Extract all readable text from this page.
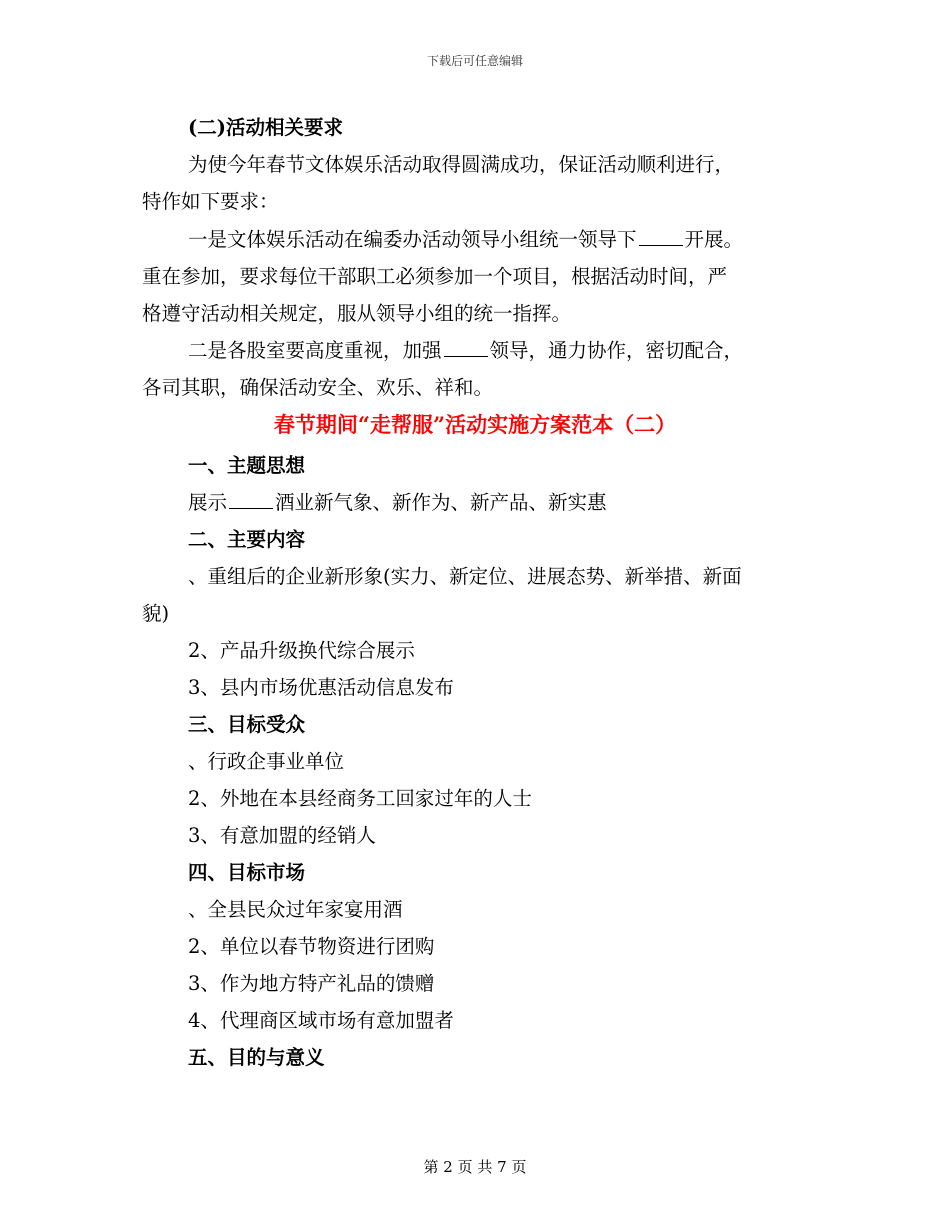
下载后可任意编辑
(二)活动相关要求
为使今年春节文体娱乐活动取得圆满成功，保证活动顺利进行，
特作如下要求：
一是文体娱乐活动在编委办活动领导小组统一领导下 开展。
重在参加，要求每位干部职工必须参加一个项目，根据活动时间，严
格遵守活动相关规定，服从领导小组的统一指挥。
二是各股室要高度重视，加强 领导，通力协作，密切配合，
各司其职，确保活动安全、欢乐、祥和。
春节期间“走帮服”活动实施方案范本（二）
一、主题思想
展示 酒业新气象、新作为、新产品、新实惠
二、主要内容
、重组后的企业新形象(实力、新定位、进展态势、新举措、新面
貌)
2、产品升级换代综合展示
3、县内市场优惠活动信息发布
三、目标受众
、行政企事业单位
2、外地在本县经商务工回家过年的人士
3、有意加盟的经销人
四、目标市场
、全县民众过年家宴用酒
2、单位以春节物资进行团购
3、作为地方特产礼品的馈赠
4、代理商区域市场有意加盟者
五、目的与意义
第 2 页 共 7 页
